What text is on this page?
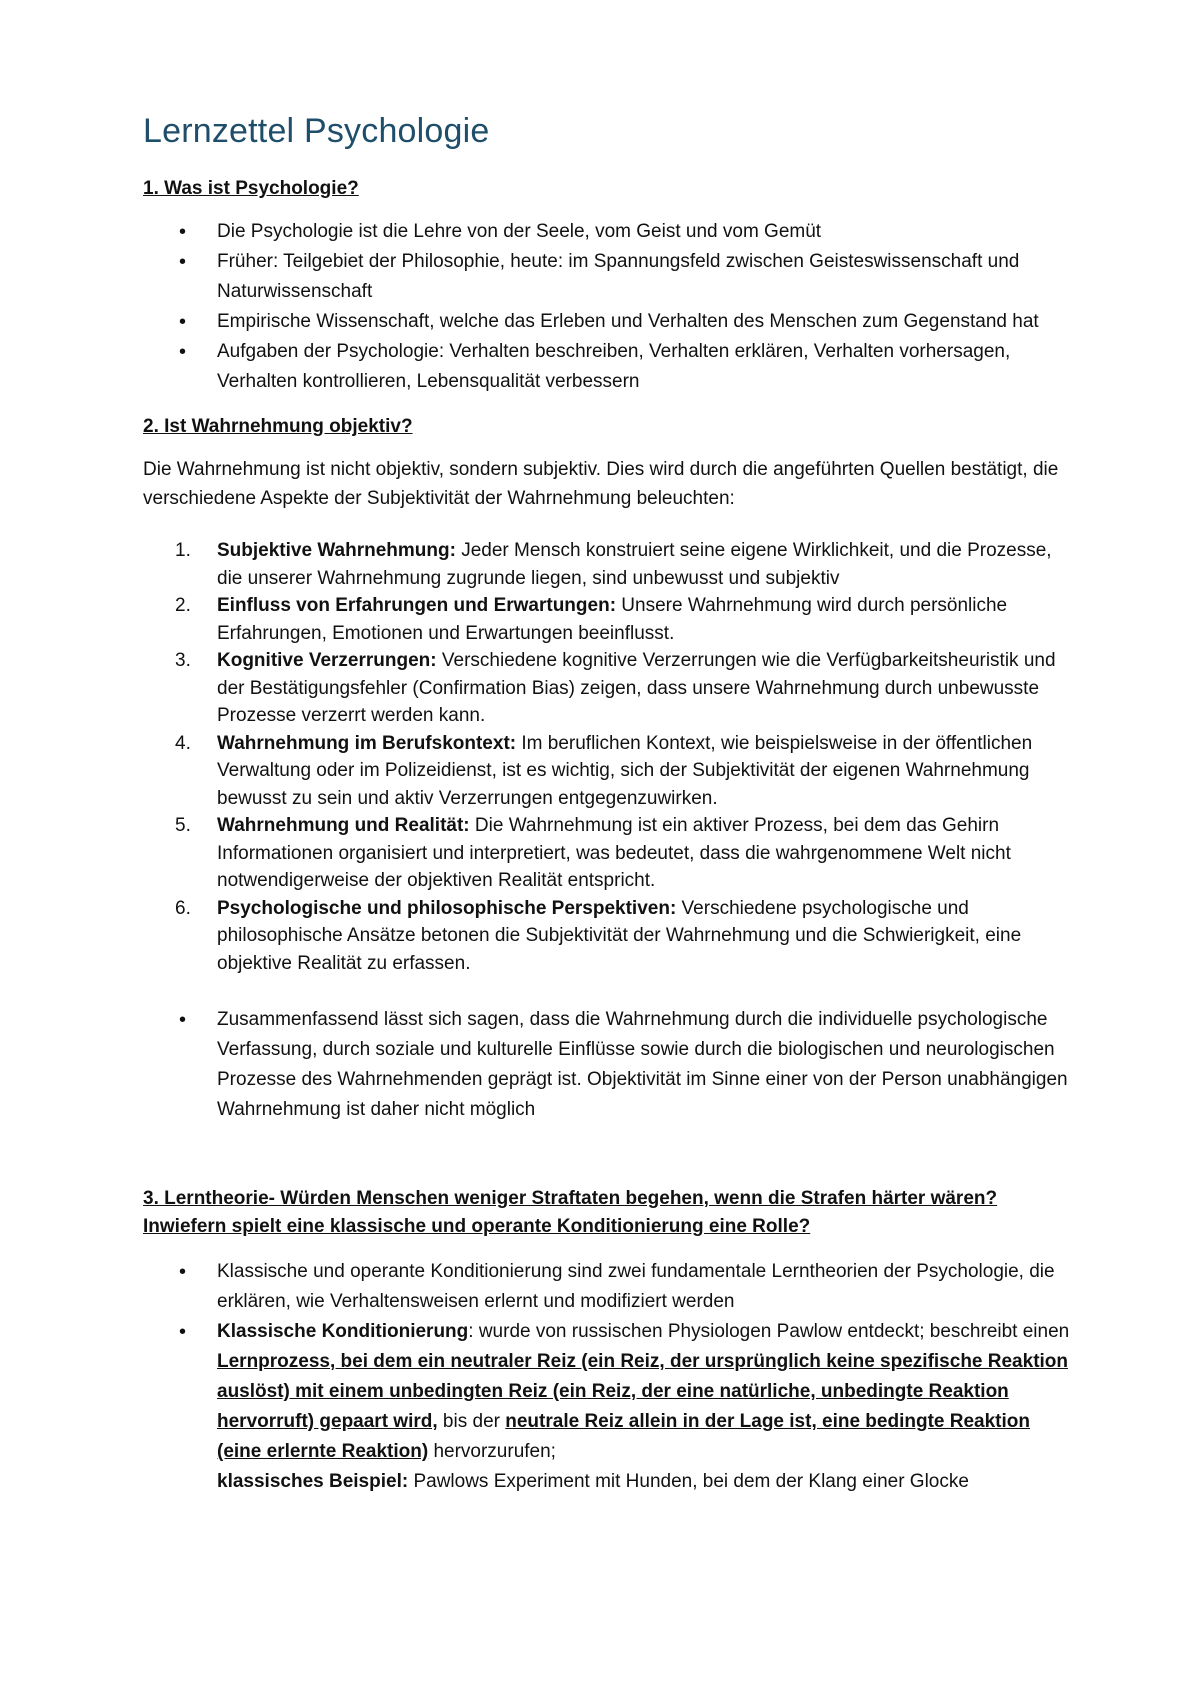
Lernzettel Psychologie
1. Was ist Psychologie?
• Die Psychologie ist die Lehre von der Seele, vom Geist und vom Gemüt
• Früher: Teilgebiet der Philosophie, heute: im Spannungsfeld zwischen Geisteswissenschaft und Naturwissenschaft
• Empirische Wissenschaft, welche das Erleben und Verhalten des Menschen zum Gegenstand hat
• Aufgaben der Psychologie: Verhalten beschreiben, Verhalten erklären, Verhalten vorhersagen, Verhalten kontrollieren, Lebensqualität verbessern
2. Ist Wahrnehmung objektiv?

Die Wahrnehmung ist nicht objektiv, sondern subjektiv. Dies wird durch die angeführten Quellen bestätigt, die verschiedene Aspekte der Subjektivität der Wahrnehmung beleuchten:

1. Subjektive Wahrnehmung: Jeder Mensch konstruiert seine eigene Wirklichkeit, und die Prozesse, die unserer Wahrnehmung zugrunde liegen, sind unbewusst und subjektiv
2. Einfluss von Erfahrungen und Erwartungen: Unsere Wahrnehmung wird durch persönliche Erfahrungen, Emotionen und Erwartungen beeinflusst.
3. Kognitive Verzerrungen: Verschiedene kognitive Verzerrungen wie die Verfügbarkeitsheuristik und der Bestätigungsfehler (Confirmation Bias) zeigen, dass unsere Wahrnehmung durch unbewusste Prozesse verzerrt werden kann.
4. Wahrnehmung im Berufskontext: Im beruflichen Kontext, wie beispielsweise in der öffentlichen Verwaltung oder im Polizeidienst, ist es wichtig, sich der Subjektivität der eigenen Wahrnehmung bewusst zu sein und aktiv Verzerrungen entgegenzuwirken.
5. Wahrnehmung und Realität: Die Wahrnehmung ist ein aktiver Prozess, bei dem das Gehirn Informationen organisiert und interpretiert, was bedeutet, dass die wahrgenommene Welt nicht notwendigerweise der objektiven Realität entspricht.
6. Psychologische und philosophische Perspektiven: Verschiedene psychologische und philosophische Ansätze betonen die Subjektivität der Wahrnehmung und die Schwierigkeit, eine objektive Realität zu erfassen.
• Zusammenfassend lässt sich sagen, dass die Wahrnehmung durch die individuelle psychologische Verfassung, durch soziale und kulturelle Einflüsse sowie durch die biologischen und neurologischen Prozesse des Wahrnehmenden geprägt ist. Objektivität im Sinne einer von der Person unabhängigen Wahrnehmung ist daher nicht möglich
3. Lerntheorie- Würden Menschen weniger Straftaten begehen, wenn die Strafen härter wären? Inwiefern spielt eine klassische und operante Konditionierung eine Rolle?
• Klassische und operante Konditionierung sind zwei fundamentale Lerntheorien der Psychologie, die erklären, wie Verhaltensweisen erlernt und modifiziert werden
• Klassische Konditionierung: wurde von russischen Physiologen Pawlow entdeckt; beschreibt einen Lernprozess, bei dem ein neutraler Reiz (ein Reiz, der ursprünglich keine spezifische Reaktion auslöst) mit einem unbedingten Reiz (ein Reiz, der eine natürliche, unbedingte Reaktion hervorruft) gepaart wird, bis der neutrale Reiz allein in der Lage ist, eine bedingte Reaktion (eine erlernte Reaktion) hervorzurufen;
klassisches Beispiel: Pawlows Experiment mit Hunden, bei dem der Klang einer Glocke
